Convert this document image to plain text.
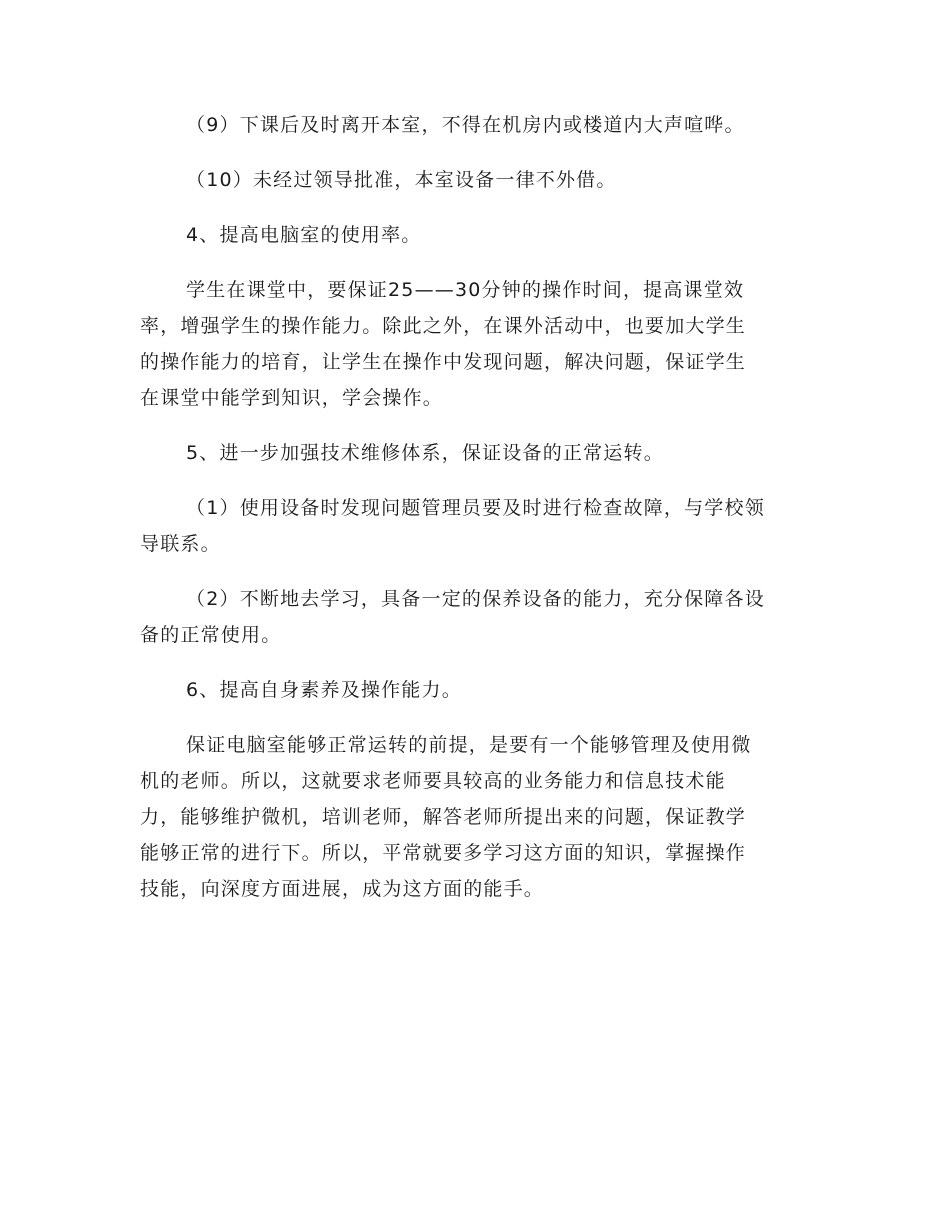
（9）下课后及时离开本室，不得在机房内或楼道内大声喧哗。

（10）未经过领导批准，本室设备一律不外借。

4、提高电脑室的使用率。

学生在课堂中，要保证25——30分钟的操作时间，提高课堂效
率，增强学生的操作能力。除此之外，在课外活动中，也要加大学生
的操作能力的培育，让学生在操作中发现问题，解决问题，保证学生
在课堂中能学到知识，学会操作。

5、进一步加强技术维修体系，保证设备的正常运转。

（1）使用设备时发现问题管理员要及时进行检查故障，与学校领
导联系。

（2）不断地去学习，具备一定的保养设备的能力，充分保障各设
备的正常使用。

6、提高自身素养及操作能力。

保证电脑室能够正常运转的前提，是要有一个能够管理及使用微
机的老师。所以，这就要求老师要具较高的业务能力和信息技术能
力，能够维护微机，培训老师，解答老师所提出来的问题，保证教学
能够正常的进行下。所以，平常就要多学习这方面的知识，掌握操作
技能，向深度方面进展，成为这方面的能手。
